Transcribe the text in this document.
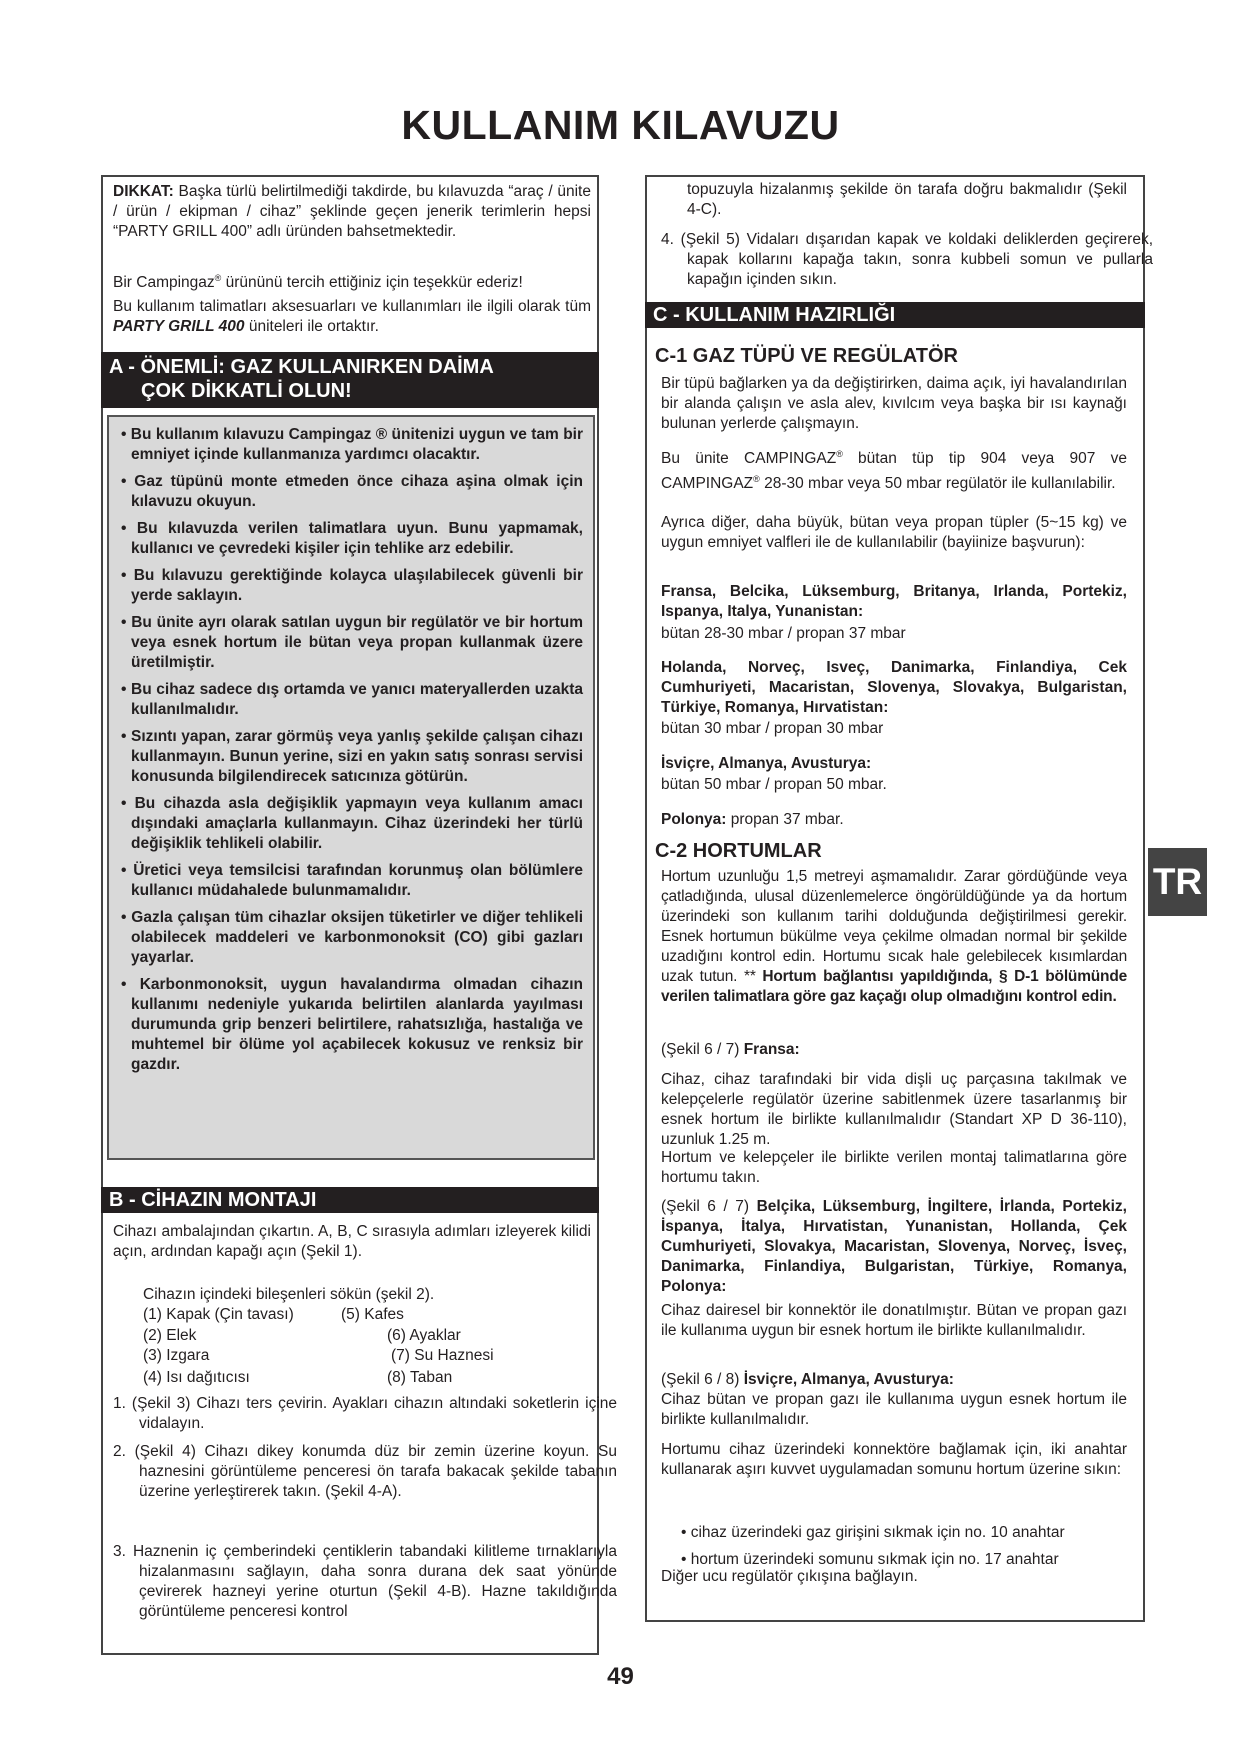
KULLANIM KILAVUZU

DIKKAT: Başka türlü belirtilmediği takdirde, bu kılavuzda “araç / ünite / ürün / ekipman / cihaz” şeklinde geçen jenerik terimlerin hepsi “PARTY GRILL 400” adlı üründen bahsetmektedir.

Bir Campingaz® ürününü tercih ettiğiniz için teşekkür ederiz!

Bu kullanım talimatları aksesuarları ve kullanımları ile ilgili olarak tüm PARTY GRILL 400 üniteleri ile ortaktır.

A - ÖNEMLİ: GAZ KULLANIRKEN DAİMA
ÇOK DİKKATLİ OLUN!

• Bu kullanım kılavuzu Campingaz ® ünitenizi uygun ve tam bir emniyet içinde kullanmanıza yardımcı olacaktır.

• Gaz tüpünü monte etmeden önce cihaza aşina olmak için kılavuzu okuyun.

• Bu kılavuzda verilen talimatlara uyun. Bunu yapmamak, kullanıcı ve çevredeki kişiler için tehlike arz edebilir.

• Bu kılavuzu gerektiğinde kolayca ulaşılabilecek güvenli bir yerde saklayın.

• Bu ünite ayrı olarak satılan uygun bir regülatör ve bir hortum veya esnek hortum ile bütan veya propan kullanmak üzere üretilmiştir.

• Bu cihaz sadece dış ortamda ve yanıcı materyallerden uzakta kullanılmalıdır.

• Sızıntı yapan, zarar görmüş veya yanlış şekilde çalışan cihazı kullanmayın. Bunun yerine, sizi en yakın satış sonrası servisi konusunda bilgilendirecek satıcınıza götürün.

• Bu cihazda asla değişiklik yapmayın veya kullanım amacı dışındaki amaçlarla kullanmayın. Cihaz üzerindeki her türlü değişiklik tehlikeli olabilir.

• Üretici veya temsilcisi tarafından korunmuş olan bölümlere kullanıcı müdahalede bulunmamalıdır.

• Gazla çalışan tüm cihazlar oksijen tüketirler ve diğer tehlikeli olabilecek maddeleri ve karbonmonoksit (CO) gibi gazları yayarlar.

• Karbonmonoksit, uygun havalandırma olmadan cihazın kullanımı nedeniyle yukarıda belirtilen alanlarda yayılması durumunda grip benzeri belirtilere, rahatsızlığa, hastalığa ve muhtemel bir ölüme yol açabilecek kokusuz ve renksiz bir gazdır.

B - CİHAZIN MONTAJI

Cihazı ambalajından çıkartın. A, B, C sırasıyla adımları izleyerek kilidi açın, ardından kapağı açın (Şekil 1).

Cihazın içindeki bileşenleri sökün (şekil 2).

(1) Kapak (Çin tavası)	(5) Kafes

(2) Elek	(6) Ayaklar

(3) Izgara	(7) Su Haznesi

(4) Isı dağıtıcısı	(8) Taban

1. (Şekil 3) Cihazı ters çevirin. Ayakları cihazın altındaki soketlerin içine vidalayın.

2. (Şekil 4) Cihazı dikey konumda düz bir zemin üzerine koyun. Su haznesini görüntüleme penceresi ön tarafa bakacak şekilde tabanın üzerine yerleştirerek takın. (Şekil 4-A).

3. Haznenin iç çemberindeki çentiklerin tabandaki kilitleme tırnaklarıyla hizalanmasını sağlayın, daha sonra durana dek saat yönünde çevirerek hazneyi yerine oturtun (Şekil 4-B). Hazne takıldığında görüntüleme penceresi kontrol

topuzuyla hizalanmış şekilde ön tarafa doğru bakmalıdır (Şekil 4-C).

4. (Şekil 5) Vidaları dışarıdan kapak ve koldaki deliklerden geçirerek, kapak kollarını kapağa takın, sonra kubbeli somun ve pullarla kapağın içinden sıkın.

C - KULLANIM HAZIRLIĞI
C-1 GAZ TÜPÜ VE REGÜLATÖR

Bir tüpü bağlarken ya da değiştirirken, daima açık, iyi havalandırılan bir alanda çalışın ve asla alev, kıvılcım veya başka bir ısı kaynağı bulunan yerlerde çalışmayın.

Bu ünite CAMPINGAZ® bütan tüp tip 904 veya 907 ve CAMPINGAZ® 28-30 mbar veya 50 mbar regülatör ile kullanılabilir.

Ayrıca diğer, daha büyük, bütan veya propan tüpler (5~15 kg) ve uygun emniyet valfleri ile de kullanılabilir (bayiinize başvurun):

Fransa, Belcika, Lüksemburg, Britanya, Irlanda, Portekiz, Ispanya, Italya, Yunanistan:

bütan 28-30 mbar / propan 37 mbar

Holanda, Norveç, Isveç, Danimarka, Finlandiya, Cek Cumhuriyeti, Macaristan, Slovenya, Slovakya, Bulgaristan, Türkiye, Romanya, Hırvatistan:

bütan 30 mbar / propan 30 mbar

İsviçre, Almanya, Avusturya:

bütan 50 mbar / propan 50 mbar.

Polonya: propan 37 mbar.

C-2 HORTUMLAR

Hortum uzunluğu 1,5 metreyi aşmamalıdır. Zarar gördüğünde veya çatladığında, ulusal düzenlemelerce öngörüldüğünde ya da hortum üzerindeki son kullanım tarihi dolduğunda değiştirilmesi gerekir. Esnek hortumun bükülme veya çekilme olmadan normal bir şekilde uzadığını kontrol edin. Hortumu sıcak hale gelebilecek kısımlardan uzak tutun. ** Hortum bağlantısı yapıldığında, § D-1 bölümünde verilen talimatlara göre gaz kaçağı olup olmadığını kontrol edin.

(Şekil 6 / 7) Fransa:

Cihaz, cihaz tarafındaki bir vida dişli uç parçasına takılmak ve kelepçelerle regülatör üzerine sabitlenmek üzere tasarlanmış bir esnek hortum ile birlikte kullanılmalıdır (Standart XP D 36-110), uzunluk 1.25 m.

Hortum ve kelepçeler ile birlikte verilen montaj talimatlarına göre hortumu takın.

(Şekil 6 / 7) Belçika, Lüksemburg, İngiltere, İrlanda, Portekiz, İspanya, İtalya, Hırvatistan, Yunanistan, Hollanda, Çek Cumhuriyeti, Slovakya, Macaristan, Slovenya, Norveç, İsveç, Danimarka, Finlandiya, Bulgaristan, Türkiye, Romanya, Polonya:

Cihaz dairesel bir konnektör ile donatılmıştır. Bütan ve propan gazı ile kullanıma uygun bir esnek hortum ile birlikte kullanılmalıdır.

(Şekil 6 / 8) İsviçre, Almanya, Avusturya:

Cihaz bütan ve propan gazı ile kullanıma uygun esnek hortum ile birlikte kullanılmalıdır.

Hortumu cihaz üzerindeki konnektöre bağlamak için, iki anahtar kullanarak aşırı kuvvet uygulamadan somunu hortum üzerine sıkın:

• cihaz üzerindeki gaz girişini sıkmak için no. 10 anahtar

• hortum üzerindeki somunu sıkmak için no. 17 anahtar

Diğer ucu regülatör çıkışına bağlayın.

TR
49
